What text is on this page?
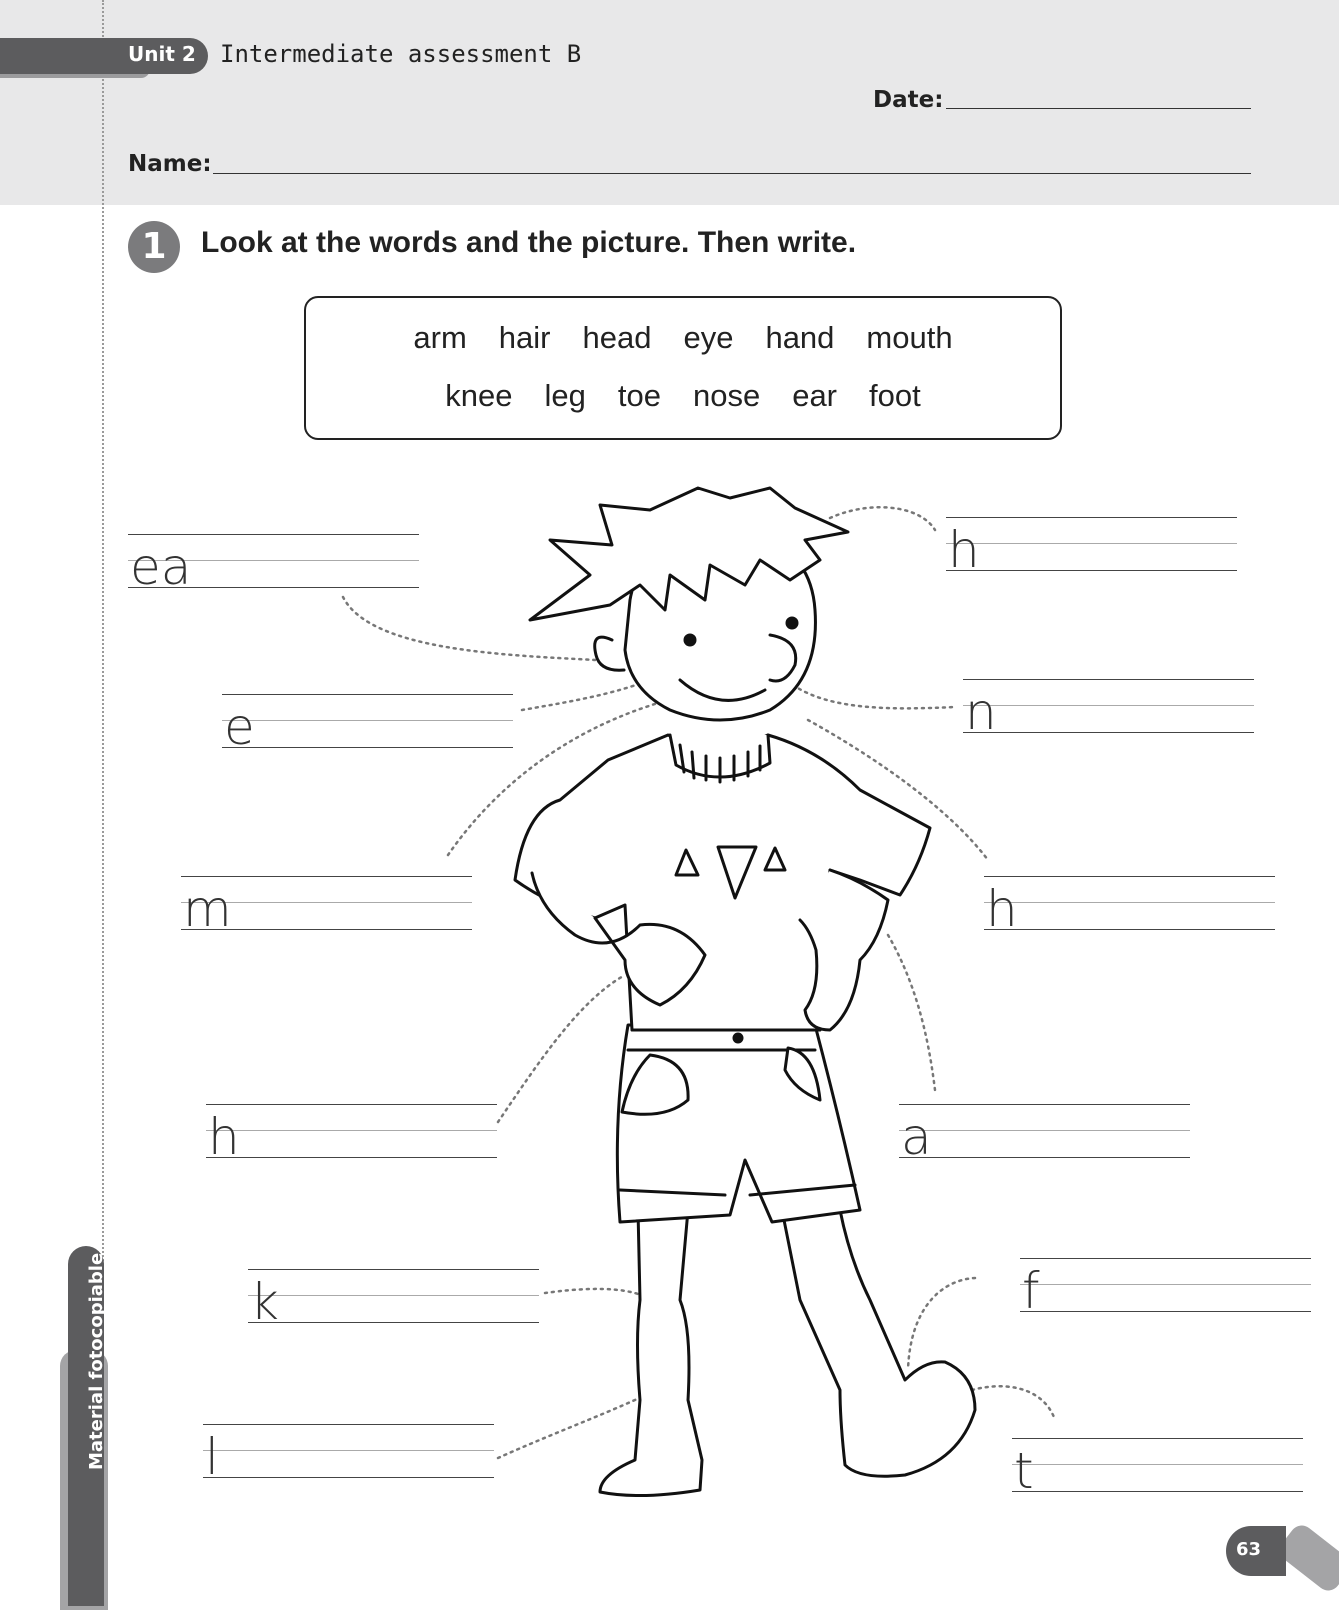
Unit 2 Intermediate assessment B
Date:
Name:
1	Look at the words and the picture. Then write.
arm hair head eye hand mouth
knee leg toe nose ear foot
ea
e
m
h
k
l
h
n
h
a
f
t
Material fotocopiable
63
